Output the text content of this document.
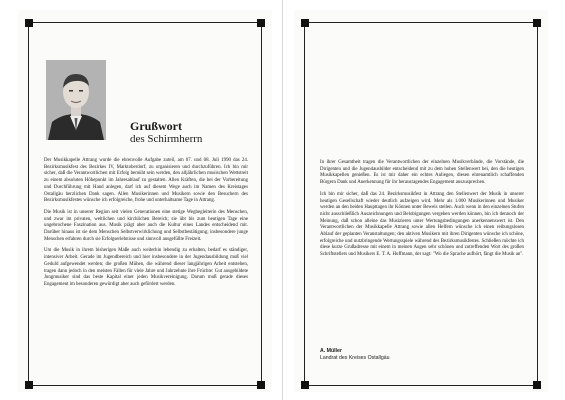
Grußwort
des Schirmherrn

Der Musikkapelle Attrang wurde die ehrenvolle Aufgabe zuteil, am 07. und 08. Juli 1990 das 24. Bezirksmusikfest des Bezirkes IV, Marktoberdorf, zu organisieren und durchzuführen. Ich bin mir sicher, daß die Verantwortlichen mit Erfolg bemüht sein werden, den alljährlichen musischen Wettstreit zu einem absoluten Höhepunkt im Jahresablauf zu gestalten. Allen Kräften, die bei der Vorbereitung und Durchführung mit Hand anlegen, darf ich auf diesem Wege auch im Namen des Kreistages Ostallgäu herzlichen Dank sagen. Allen Musikerinnen und Musikern sowie den Besuchern des Bezirksmusikfestes wünsche ich erfolgreiche, frohe und unterhaltsame Tage in Attrang.

Die Musik ist in unserer Region seit vielen Generationen eine stetige Wegbegleiterin des Menschen, und zwar im privaten, weltlichen und kirchlichen Bereich; sie übt bis zum heutigen Tage eine ungebrochene Faszination aus. Musik prägt aber auch die Kultur eines Landes entscheidend mit. Darüber hinaus ist sie dem Menschen Selbstverwirklichung und Selbstbestätigung; insbesondere junge Menschen erfahren durch sie Erfolgserlebnisse und sinnvoll ausgefüllte Freizeit.

Um die Musik in ihrem bisherigen Maße auch weiterhin lebendig zu erhalten, bedarf es ständiger, intensiver Arbeit. Gerade im Jugendbereich und hier insbesondere in der Jugendausbildung muß viel Geduld aufgewendet werden; die großen Mühen, die während dieser langjährigen Arbeit entstehen, tragen dann jedoch in den meisten Fällen für viele Jahre und Jahrzehnte ihre Früchte: Gut ausgebildete Jungmusiker sind das beste Kapital einer jeden Musikvereinigung. Darum muß gerade dieses Engagement im besonderen gewürdigt aber auch gefördert werden.

In ihrer Gesamtheit tragen die Verantwortlichen der einzelnen Musikverbände, die Vorstände, die Dirigenten und die Jugendausbilder entscheidend mit zu dem hohen Stellenwert bei, den die heutigen Musikkapellen genießen. Es ist mir daher ein echtes Anliegen, diesen ehrenamtlich schaffenden Bürgern Dank und Anerkennung für ihr herausragendes Engagement auszusprechen.

Ich bin mir sicher, daß das 24. Bezirksmusikfest in Attrang den Stellenwert der Musik in unserer heutigen Gesellschaft wieder deutlich aufzeigen wird. Mehr als 1.000 Musikerinnen und Musiker werden an den beiden Haupttagen ihr Können unter Beweis stellen. Auch wenn in den einzelnen Stufen nicht ausschließlich Auszeichnungen und Belobigungen vergeben werden können, bin ich dennoch der Meinung, daß schon alleine das Musizieren unter Wertungsbedingungen anerkennenswert ist. Den Verantwortlichen der Musikkapelle Attrang sowie allen Helfern wünsche ich einen reibungslosen Ablauf der geplanten Veranstaltungen; den aktiven Musikern mit ihren Dirigenten wünsche ich schöne, erfolgreiche und nutzbringende Wertungsspiele während des Bezirksmusikfestes. Schließen möchte ich diese kurze Grußadresse mit einem in meinen Augen sehr schönen und zutreffenden Wort des großen Schriftstellers und Musikers E. T. A. Hoffmann, der sagt: "Wo die Sprache aufhört, fängt die Musik an".

A. Müller
Landrat des Kreises Ostallgäu
